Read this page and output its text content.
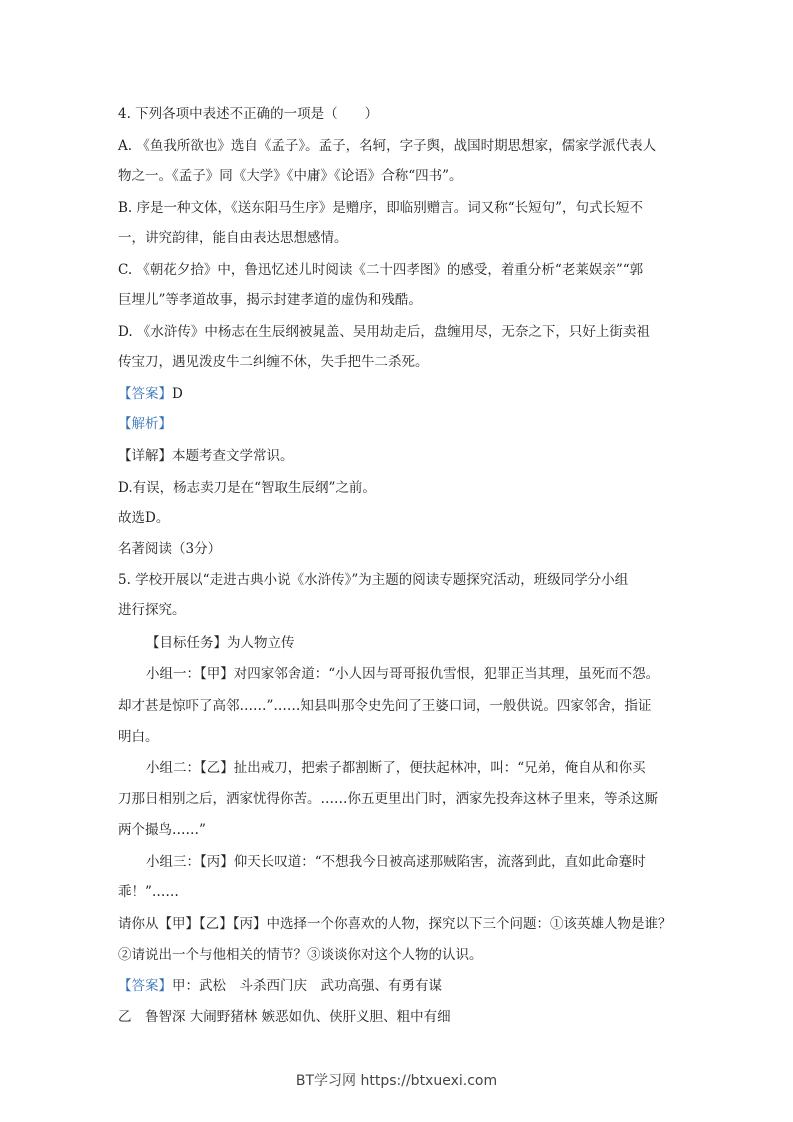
4. 下列各项中表述不正确的一项是（　　）
A. 《鱼我所欲也》选自《孟子》。孟子，名轲，字子舆，战国时期思想家，儒家学派代表人
物之一。《孟子》同《大学》《中庸》《论语》合称“四书”。
B. 序是一种文体，《送东阳马生序》是赠序，即临别赠言。词又称“长短句”，句式长短不
一，讲究韵律，能自由表达思想感情。
C. 《朝花夕拾》中，鲁迅忆述儿时阅读《二十四孝图》的感受，着重分析“老莱娱亲”“郭
巨埋儿”等孝道故事，揭示封建孝道的虚伪和残酷。
D. 《水浒传》中杨志在生辰纲被晁盖、吴用劫走后，盘缠用尽，无奈之下，只好上街卖祖
传宝刀，遇见泼皮牛二纠缠不休，失手把牛二杀死。
【答案】D
【解析】
【详解】本题考查文学常识。
D.有误，杨志卖刀是在“智取生辰纲”之前。
故选D。
名著阅读（3分）
5. 学校开展以“走进古典小说《水浒传》”为主题的阅读专题探究活动，班级同学分小组
进行探究。
【目标任务】为人物立传
小组一：【甲】对四家邻舍道：“小人因与哥哥报仇雪恨，犯罪正当其理，虽死而不怨。
却才甚是惊吓了高邻……”……知县叫那令史先问了王婆口词，一般供说。四家邻舍，指证
明白。
小组二：【乙】扯出戒刀，把索子都割断了，便扶起林冲，叫：“兄弟，俺自从和你买
刀那日相别之后，洒家忧得你苦。……你五更里出门时，洒家先投奔这林子里来，等杀这厮
两个撮鸟……”
小组三：【丙】仰天长叹道：“不想我今日被高逑那贼陷害，流落到此，直如此命蹇时
乖！”……
请你从【甲】【乙】【丙】中选择一个你喜欢的人物，探究以下三个问题：①该英雄人物是谁？
②请说出一个与他相关的情节？③谈谈你对这个人物的认识。
【答案】甲：武松　斗杀西门庆　武功高强、有勇有谋
乙　鲁智深 大闹野猪林 嫉恶如仇、侠肝义胆、粗中有细
BT学习网 https://btxuexi.com
